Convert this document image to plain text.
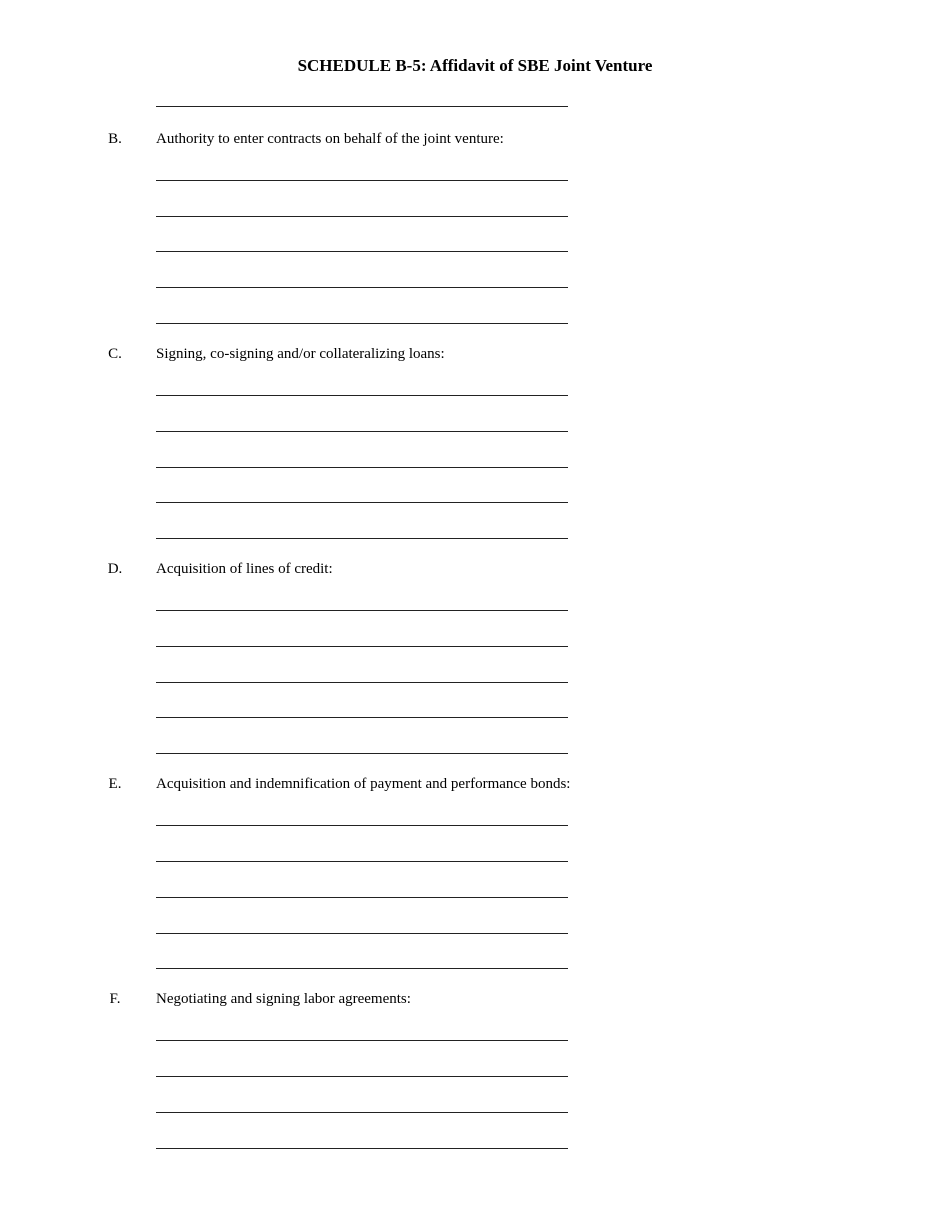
SCHEDULE B-5: Affidavit of SBE Joint Venture
B. Authority to enter contracts on behalf of the joint venture:
C. Signing, co-signing and/or collateralizing loans:
D. Acquisition of lines of credit:
E.	Acquisition and indemnification of payment and performance bonds:
F.	Negotiating and signing labor agreements:
